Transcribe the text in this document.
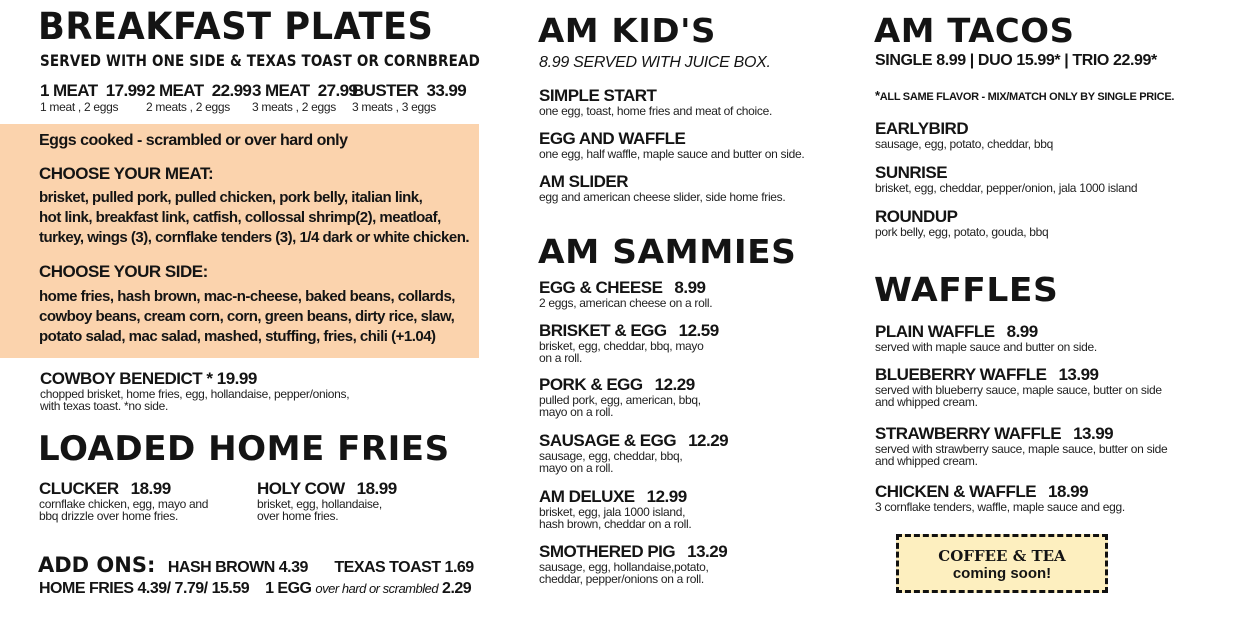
BREAKFAST PLATES
SERVED WITH ONE SIDE & TEXAS TOAST OR CORNBREAD
1 MEAT 17.99
1 meat , 2 eggs
2 MEAT 22.99
2 meats , 2 eggs
3 MEAT 27.99
3 meats , 2 eggs
BUSTER 33.99
3 meats , 3 eggs
Eggs cooked - scrambled or over hard only
CHOOSE YOUR MEAT:
brisket, pulled pork, pulled chicken, pork belly, italian link,
hot link, breakfast link, catfish, collossal shrimp(2), meatloaf,
turkey, wings (3), cornflake tenders (3), 1/4 dark or white chicken.
CHOOSE YOUR SIDE:
home fries, hash brown, mac-n-cheese, baked beans, collards,
cowboy beans, cream corn, corn, green beans, dirty rice, slaw,
potato salad, mac salad, mashed, stuffing, fries, chili (+1.04)
COWBOY BENEDICT * 19.99
chopped brisket, home fries, egg, hollandaise, pepper/onions,
with texas toast. *no side.
LOADED HOME FRIES
CLUCKER 18.99
cornflake chicken, egg, mayo and
bbq drizzle over home fries.
HOLY COW 18.99
brisket, egg, hollandaise,
over home fries.
ADD ONS: HASH BROWN 4.39 TEXAS TOAST 1.69
HOME FRIES 4.39/ 7.79/ 15.59 1 EGG over hard or scrambled 2.29
AM KID'S
8.99 SERVED WITH JUICE BOX.
SIMPLE START
one egg, toast, home fries and meat of choice.
EGG AND WAFFLE
one egg, half waffle, maple sauce and butter on side.
AM SLIDER
egg and american cheese slider, side home fries.
AM SAMMIES
EGG & CHEESE 8.99
2 eggs, american cheese on a roll.
BRISKET & EGG 12.59
brisket, egg, cheddar, bbq, mayo
on a roll.
PORK & EGG 12.29
pulled pork, egg, american, bbq,
mayo on a roll.
SAUSAGE & EGG 12.29
sausage, egg, cheddar, bbq,
mayo on a roll.
AM DELUXE 12.99
brisket, egg, jala 1000 island,
hash brown, cheddar on a roll.
SMOTHERED PIG 13.29
sausage, egg, hollandaise,potato,
cheddar, pepper/onions on a roll.
AM TACOS
SINGLE 8.99 | DUO 15.99* | TRIO 22.99*
*ALL SAME FLAVOR - MIX/MATCH ONLY BY SINGLE PRICE.
EARLYBIRD
sausage, egg, potato, cheddar, bbq
SUNRISE
brisket, egg, cheddar, pepper/onion, jala 1000 island
ROUNDUP
pork belly, egg, potato, gouda, bbq
WAFFLES
PLAIN WAFFLE 8.99
served with maple sauce and butter on side.
BLUEBERRY WAFFLE 13.99
served with blueberry sauce, maple sauce, butter on side
and whipped cream.
STRAWBERRY WAFFLE 13.99
served with strawberry sauce, maple sauce, butter on side
and whipped cream.
CHICKEN & WAFFLE 18.99
3 cornflake tenders, waffle, maple sauce and egg.
COFFEE & TEA
coming soon!
